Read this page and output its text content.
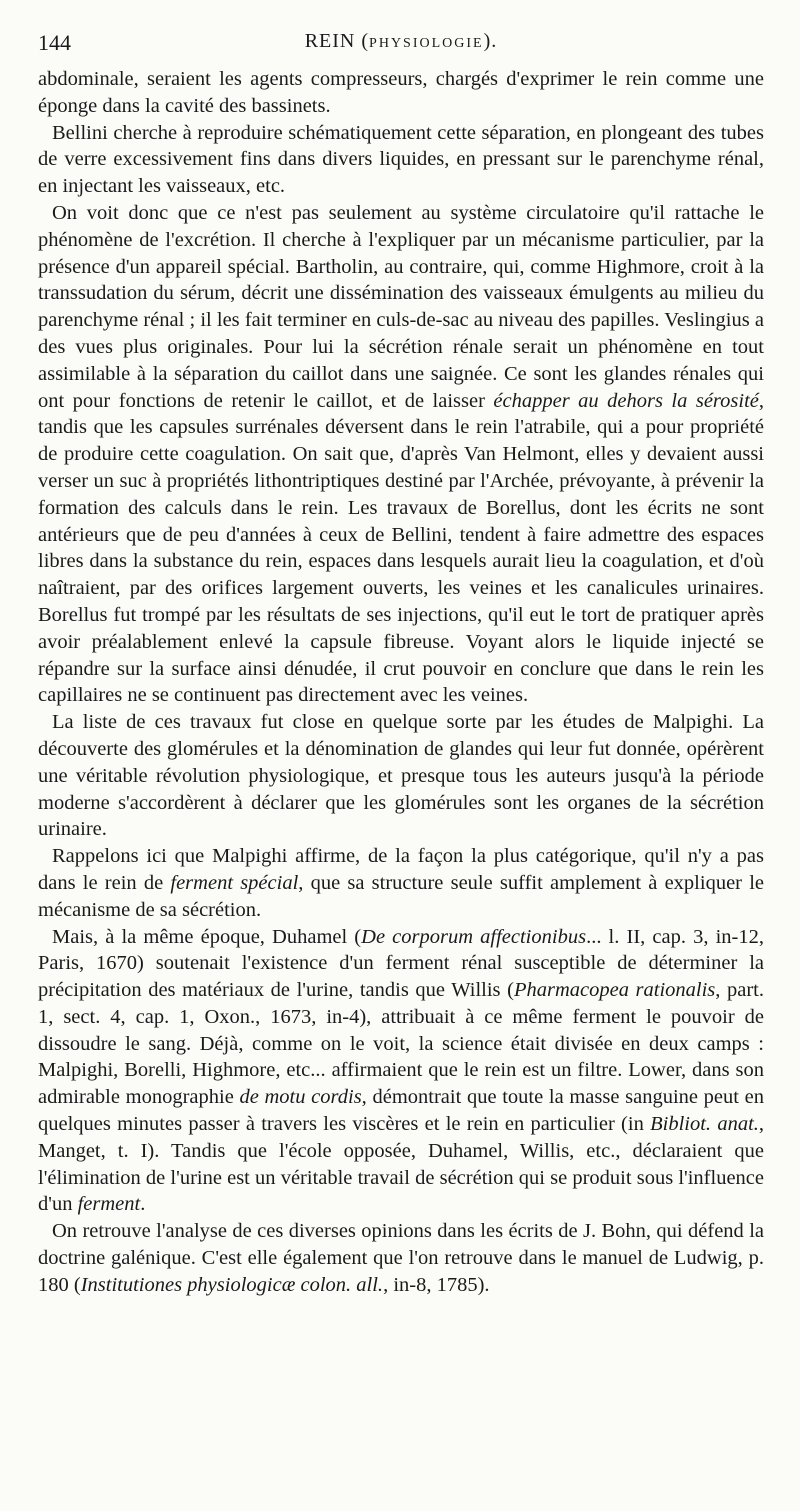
144	REIN (PHYSIOLOGIE).

abdominale, seraient les agents compresseurs, chargés d'exprimer le rein comme une éponge dans la cavité des bassinets.

Bellini cherche à reproduire schématiquement cette séparation, en plongeant des tubes de verre excessivement fins dans divers liquides, en pressant sur le parenchyme rénal, en injectant les vaisseaux, etc.

On voit donc que ce n'est pas seulement au système circulatoire qu'il rattache le phénomène de l'excrétion. Il cherche à l'expliquer par un mécanisme particulier, par la présence d'un appareil spécial. Bartholin, au contraire, qui, comme Highmore, croit à la transsudation du sérum, décrit une dissémination des vaisseaux émulgents au milieu du parenchyme rénal ; il les fait terminer en culs-de-sac au niveau des papilles. Veslingius a des vues plus originales. Pour lui la sécrétion rénale serait un phénomène en tout assimilable à la séparation du caillot dans une saignée. Ce sont les glandes rénales qui ont pour fonctions de retenir le caillot, et de laisser échapper au dehors la sérosité, tandis que les capsules surrénales déversent dans le rein l'atrabile, qui a pour propriété de produire cette coagulation. On sait que, d'après Van Helmont, elles y devaient aussi verser un suc à propriétés lithontriptiques destiné par l'Archée, prévoyante, à prévenir la formation des calculs dans le rein. Les travaux de Borellus, dont les écrits ne sont antérieurs que de peu d'années à ceux de Bellini, tendent à faire admettre des espaces libres dans la substance du rein, espaces dans lesquels aurait lieu la coagulation, et d'où naîtraient, par des orifices largement ouverts, les veines et les canalicules urinaires. Borellus fut trompé par les résultats de ses injections, qu'il eut le tort de pratiquer après avoir préalablement enlevé la capsule fibreuse. Voyant alors le liquide injecté se répandre sur la surface ainsi dénudée, il crut pouvoir en conclure que dans le rein les capillaires ne se continuent pas directement avec les veines.

La liste de ces travaux fut close en quelque sorte par les études de Malpighi. La découverte des glomérules et la dénomination de glandes qui leur fut donnée, opérèrent une véritable révolution physiologique, et presque tous les auteurs jusqu'à la période moderne s'accordèrent à déclarer que les glomérules sont les organes de la sécrétion urinaire.

Rappelons ici que Malpighi affirme, de la façon la plus catégorique, qu'il n'y a pas dans le rein de ferment spécial, que sa structure seule suffit amplement à expliquer le mécanisme de sa sécrétion.

Mais, à la même époque, Duhamel (De corporum affectionibus... l. II, cap. 3, in-12, Paris, 1670) soutenait l'existence d'un ferment rénal susceptible de déterminer la précipitation des matériaux de l'urine, tandis que Willis (Pharmacopea rationalis, part. 1, sect. 4, cap. 1, Oxon., 1673, in-4), attribuait à ce même ferment le pouvoir de dissoudre le sang. Déjà, comme on le voit, la science était divisée en deux camps : Malpighi, Borelli, Highmore, etc... affirmaient que le rein est un filtre. Lower, dans son admirable monographie de motu cordis, démontrait que toute la masse sanguine peut en quelques minutes passer à travers les viscères et le rein en particulier (in Bibliot. anat., Manget, t. I). Tandis que l'école opposée, Duhamel, Willis, etc., déclaraient que l'élimination de l'urine est un véritable travail de sécrétion qui se produit sous l'influence d'un ferment.

On retrouve l'analyse de ces diverses opinions dans les écrits de J. Bohn, qui défend la doctrine galénique. C'est elle également que l'on retrouve dans le manuel de Ludwig, p. 180 (Institutiones physiologicæ colon. all., in-8, 1785).
